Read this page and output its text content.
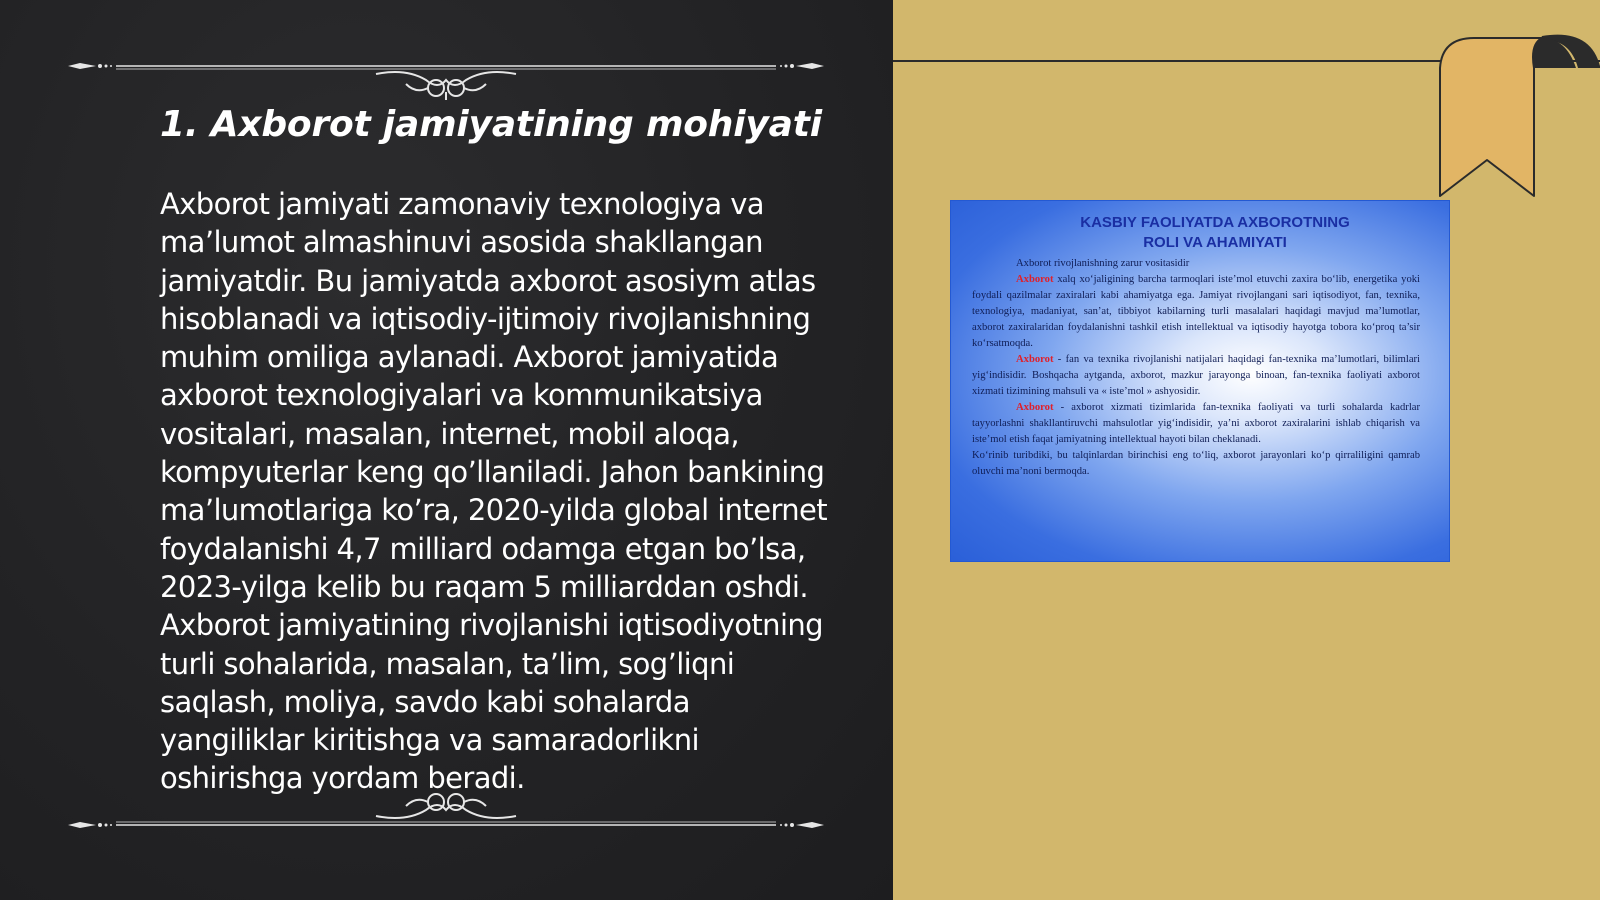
1. Axborot jamiyatining mohiyati

Axborot jamiyati zamonaviy texnologiya va ma’lumot almashinuvi asosida shakllangan jamiyatdir. Bu jamiyatda axborot asosiym atlas hisoblanadi va iqtisodiy-ijtimoiy rivojlanishning muhim omiliga aylanadi. Axborot jamiyatida axborot texnologiyalari va kommunikatsiya vositalari, masalan, internet, mobil aloqa, kompyuterlar keng qo’llaniladi. Jahon bankining ma’lumotlariga ko’ra, 2020-yilda global internet foydalanishi 4,7 milliard odamga etgan bo’lsa, 2023-yilga kelib bu raqam 5 milliarddan oshdi. Axborot jamiyatining rivojlanishi iqtisodiyotning turli sohalarida, masalan, ta’lim, sog’liqni saqlash, moliya, savdo kabi sohalarda yangiliklar kiritishga va samaradorlikni oshirishga yordam beradi.

KASBIY FAOLIYATDA AXBOROTNING
ROLI VA AHAMIYATI

Axborot rivojlanishning zarur vositasidir

Axborot xalq xo‘jaligining barcha tarmoqlari iste’mol etuvchi zaxira bo‘lib, energetika yoki foydali qazilmalar zaxiralari kabi ahamiyatga ega. Jamiyat rivojlangani sari iqtisodiyot, fan, texnika, texnologiya, madaniyat, san’at, tibbiyot kabilarning turli masalalari haqidagi mavjud ma’lumotlar, axborot zaxiralaridan foydalanishni tashkil etish intellektual va iqtisodiy hayotga tobora ko‘proq ta’sir ko‘rsatmoqda.

Axborot - fan va texnika rivojlanishi natijalari haqidagi fan-texnika ma’lumotlari, bilimlari yig‘indisidir. Boshqacha aytganda, axborot, mazkur jarayonga binoan, fan-texnika faoliyati axborot xizmati tizimining mahsuli va « iste’mol » ashyosidir.

Axborot - axborot xizmati tizimlarida fan-texnika faoliyati va turli sohalarda kadrlar tayyorlashni shakllantiruvchi mahsulotlar yig‘indisidir, ya’ni axborot zaxiralarini ishlab chiqarish va iste’mol etish faqat jamiyatning intellektual hayoti bilan cheklanadi.

Ko‘rinib turibdiki, bu talqinlardan birinchisi eng to‘liq, axborot jarayonlari ko‘p qirraliligini qamrab oluvchi ma’noni bermoqda.
